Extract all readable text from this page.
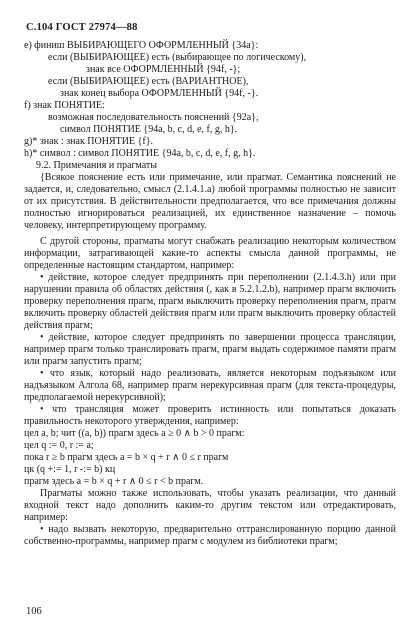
С.104 ГОСТ 27974—88
е) финиш ВЫБИРАЮЩЕГО ОФОРМЛЕННЫЙ {34а}:
если (ВЫБИРАЮЩЕЕ) есть (выбирающее по логическому),
знак все ОФОРМЛЕННЫЙ {94f, -};
если (ВЫБИРАЮЩЕЕ) есть (ВАРИАНТНОЕ),
знак конец выбора ОФОРМЛЕННЫЙ {94f, -}.
f) знак ПОНЯТИЕ:
возможная последовательность пояснений {92а},
символ ПОНЯТИЕ {94а, b, c, d, e, f, g, h}.
g)* знак : знак ПОНЯТИЕ {f}.
h)* символ : символ ПОНЯТИЕ {94а, b, c, d, e, f, g, h}.
9.2. Примечания и прагматы
{Всякое пояснение есть или примечание, или прагмат. Семантика пояснений не задается, и, следовательно, смысл (2.1.4.1.а) любой программы полностью не зависит от их присутствия. В действительности предполагается, что все примечания должны полностью игнорироваться реализацией, их единственное назначение – помочь человеку, интерпретирующему программу.
С другой стороны, прагматы могут снабжать реализацию некоторым количеством информации, затрагивающей какие-то аспекты смысла данной программы, не определенные настоящим стандартом, например:
• действие, которое следует предпринять при переполнении (2.1.4.3.h) или при нарушении правила об областях действия (, как в 5.2.1.2.b), например прагм включить проверку переполнения прагм, прагм выключить проверку переполнения прагм, прагм включить проверку областей действия прагм или прагм выключить проверку областей действия прагм;
• действие, которое следует предпринять по завершении процесса трансляции, например прагм только транслировать прагм, прагм выдать содержимое памяти прагм или прагм запустить прагм;
• что язык, который надо реализовать, является некоторым подъязыком или надъязыком Алгола 68, например прагм нерекурсивная прагм (для текста-процедуры, предполагаемой нерекурсивной);
• что трансляция может проверить истинность или попытаться доказать правильность некоторого утверждения, например:
цел а, b; чит ((а, b)) прагм здесь а ≥ 0 ∧ b > 0 прагм:
цел q := 0, r := а;
пока r ≥ b прагм здесь а = b × q + r ∧ 0 ≤ r прагм
цк (q +:= 1, r -:= b) кц
прагм здесь а = b × q + r ∧ 0 ≤ r < b прагм.
Прагматы можно также использовать, чтобы указать реализации, что данный входной текст надо дополнить каким-то другим текстом или отредактировать, например:
• надо вызвать некоторую, предварительно оттранслированную порцию данной собственно-программы, например прагм с модулем из библиотеки прагм;
106
